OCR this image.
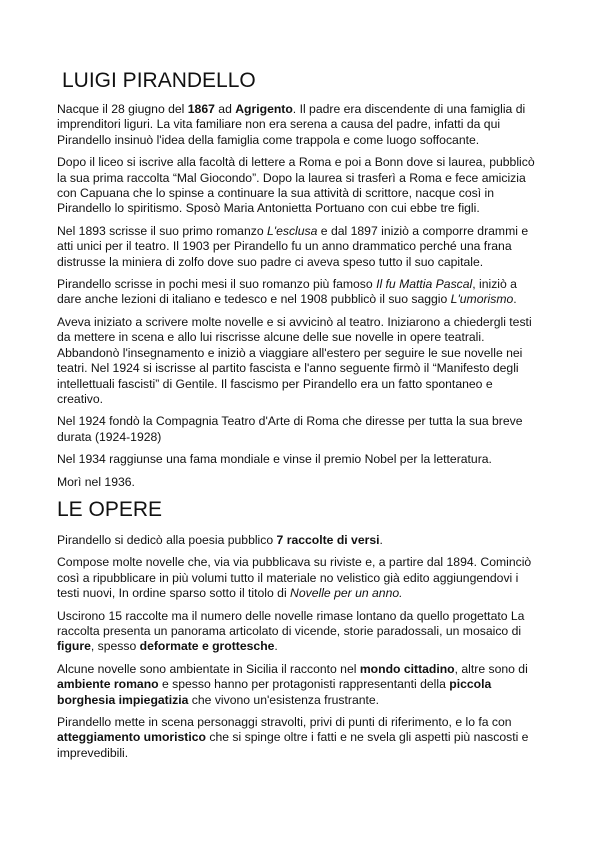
LUIGI PIRANDELLO

Nacque il 28 giugno del 1867 ad Agrigento. Il padre era discendente di una famiglia di imprenditori liguri. La vita familiare non era serena a causa del padre, infatti da qui Pirandello insinuò l'idea della famiglia come trappola e come luogo soffocante.

Dopo il liceo si iscrive alla facoltà di lettere a Roma e poi a Bonn dove si laurea, pubblicò la sua prima raccolta “Mal Giocondo”. Dopo la laurea si trasferì a Roma e fece amicizia con Capuana che lo spinse a continuare la sua attività di scrittore, nacque così in Pirandello lo spiritismo. Sposò Maria Antonietta Portuano con cui ebbe tre figli.

Nel 1893 scrisse il suo primo romanzo L'esclusa e dal 1897 iniziò a comporre drammi e atti unici per il teatro. Il 1903 per Pirandello fu un anno drammatico perché una frana distrusse la miniera di zolfo dove suo padre ci aveva speso tutto il suo capitale.

Pirandello scrisse in pochi mesi il suo romanzo più famoso Il fu Mattia Pascal, iniziò a dare anche lezioni di italiano e tedesco e nel 1908 pubblicò il suo saggio L'umorismo.

Aveva iniziato a scrivere molte novelle e si avvicinò al teatro. Iniziarono a chiedergli testi da mettere in scena e allo lui riscrisse alcune delle sue novelle in opere teatrali. Abbandonò l'insegnamento e iniziò a viaggiare all'estero per seguire le sue novelle nei teatri. Nel 1924 si iscrisse al partito fascista e l'anno seguente firmò il “Manifesto degli intellettuali fascisti” di Gentile. Il fascismo per Pirandello era un fatto spontaneo e creativo.

Nel 1924 fondò la Compagnia Teatro d'Arte di Roma che diresse per tutta la sua breve durata (1924-1928)

Nel 1934 raggiunse una fama mondiale e vinse il premio Nobel per la letteratura.

Morì nel 1936.

LE OPERE

Pirandello si dedicò alla poesia pubblico 7 raccolte di versi.

Compose molte novelle che, via via pubblicava su riviste e, a partire dal 1894. Cominciò così a ripubblicare in più volumi tutto il materiale no velistico già edito aggiungendovi i testi nuovi, In ordine sparso sotto il titolo di Novelle per un anno.

Uscirono 15 raccolte ma il numero delle novelle rimase lontano da quello progettato La raccolta presenta un panorama articolato di vicende, storie paradossali, un mosaico di figure, spesso deformate e grottesche.

Alcune novelle sono ambientate in Sicilia il racconto nel mondo cittadino, altre sono di ambiente romano e spesso hanno per protagonisti rappresentanti della piccola borghesia impiegatizia che vivono un'esistenza frustrante.

Pirandello mette in scena personaggi stravolti, privi di punti di riferimento, e lo fa con atteggiamento umoristico che si spinge oltre i fatti e ne svela gli aspetti più nascosti e imprevedibili.
